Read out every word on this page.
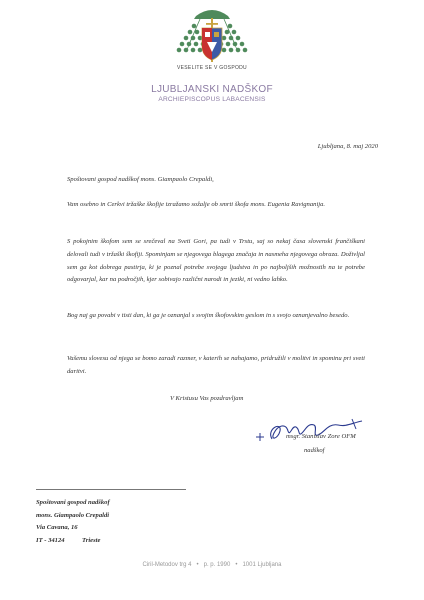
VESELITE SE V GOSPODU
LJUBLJANSKI NADŠKOF
ARCHIEPISCOPUS LABACENSIS
Ljubljana, 8. maj 2020
Spoštovani gospod nadškof mons. Giampaolo Crepaldi,
Vam osebno in Cerkvi tržaške škofije izražamo sožalje ob smrti škofa mons. Eugenia Ravignanija.
S pokojnim škofom sem se srečeval na Sveti Gori, pa tudi v Trstu, saj so nekaj časa slovenski frančiškani delovali tudi v tržaški škofiji. Spominjam se njegovega blagega značaja in nasmeha njegovega obraza. Doživljal sem ga kot dobrega pastirja, ki je poznal potrebe svojega ljudstva in po najboljših možnostih na te potrebe odgovarjal, kar na področjih, kjer sobivajo različni narodi in jeziki, ni vedno lahko.
Bog naj ga povabi v tisti dan, ki ga je oznanjal s svojim škofovskim geslom in s svojo oznanjevalno besedo.
Vašemu slovesu od njega se bomo zaradi razmer, v katerih se nahajamo, pridružili v molitvi in spominu pri sveti daritvi.
V Kristusu Vas pozdravljam
msgr. Stanislav Zore OFM
nadškof
Spoštovani gospod nadškof
mons. Giampaolo Crepaldi
Via Cavana, 16
IT - 34124	Trieste
Ciril-Metodov trg 4 • p. p. 1990 • 1001 Ljubljana
